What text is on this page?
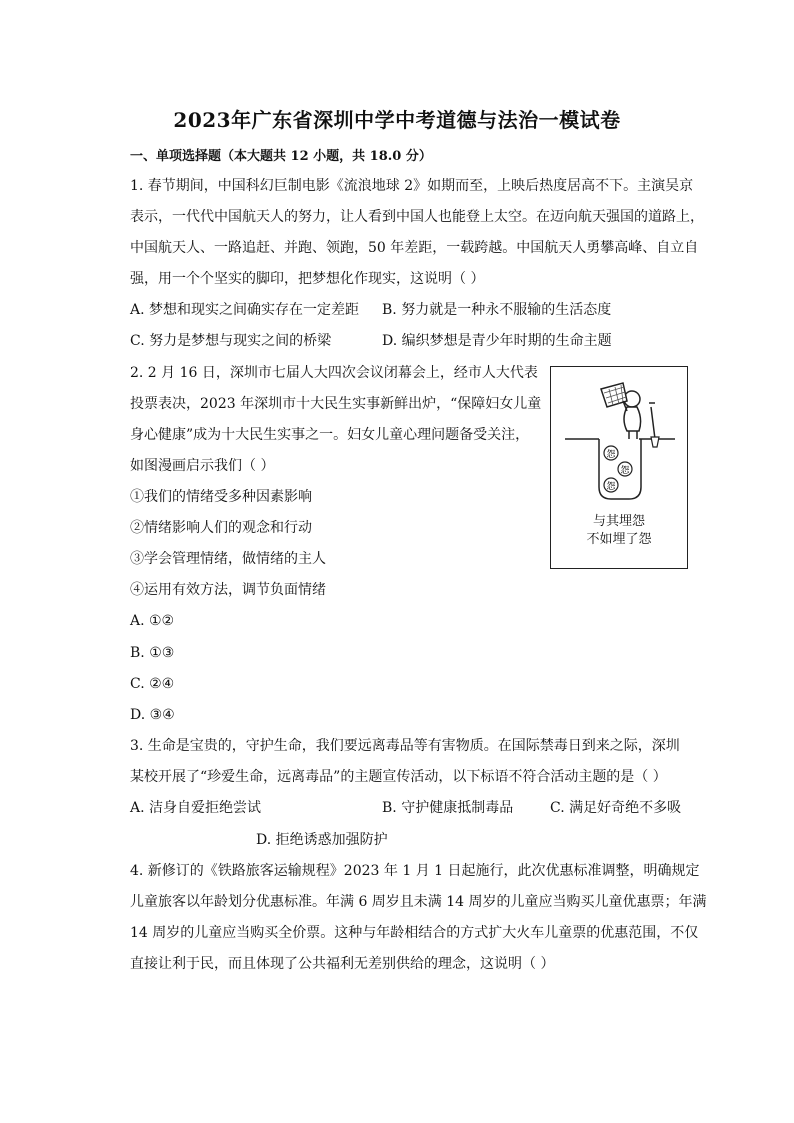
2023年广东省深圳中学中考道德与法治一模试卷
一、单项选择题（本大题共 12 小题，共 18.0 分）
1. 春节期间，中国科幻巨制电影《流浪地球 2》如期而至，上映后热度居高不下。主演吴京
表示，一代代中国航天人的努力，让人看到中国人也能登上太空。在迈向航天强国的道路上，
中国航天人、一路追赶、并跑、领跑，50 年差距，一载跨越。中国航天人勇攀高峰、自立自
强，用一个个坚实的脚印，把梦想化作现实，这说明（ ）
A. 梦想和现实之间确实存在一定差距 B. 努力就是一种永不服输的生活态度
C. 努力是梦想与现实之间的桥梁	D. 编织梦想是青少年时期的生命主题
2. 2 月 16 日，深圳市七届人大四次会议闭幕会上，经市人大代表
投票表决，2023 年深圳市十大民生实事新鲜出炉，“保障妇女儿童
身心健康”成为十大民生实事之一。妇女儿童心理问题备受关注，
如图漫画启示我们（ ）
①我们的情绪受多种因素影响
②情绪影响人们的观念和行动
③学会管理情绪，做情绪的主人
④运用有效方法，调节负面情绪
A. ①②
B. ①③
C. ②④
D. ③④
怨
怨
怨
与其埋怨
不如埋了怨
3. 生命是宝贵的，守护生命，我们要远离毒品等有害物质。在国际禁毒日到来之际，深圳
某校开展了“珍爱生命，远离毒品”的主题宣传活动，以下标语不符合活动主题的是（ ）
A. 洁身自爱拒绝尝试	B. 守护健康抵制毒品	C. 满足好奇绝不多吸
D. 拒绝诱惑加强防护
4. 新修订的《铁路旅客运输规程》2023 年 1 月 1 日起施行，此次优惠标准调整，明确规定
儿童旅客以年龄划分优惠标准。年满 6 周岁且未满 14 周岁的儿童应当购买儿童优惠票；年满
14 周岁的儿童应当购买全价票。这种与年龄相结合的方式扩大火车儿童票的优惠范围，不仅
直接让利于民，而且体现了公共福利无差别供给的理念，这说明（ ）
